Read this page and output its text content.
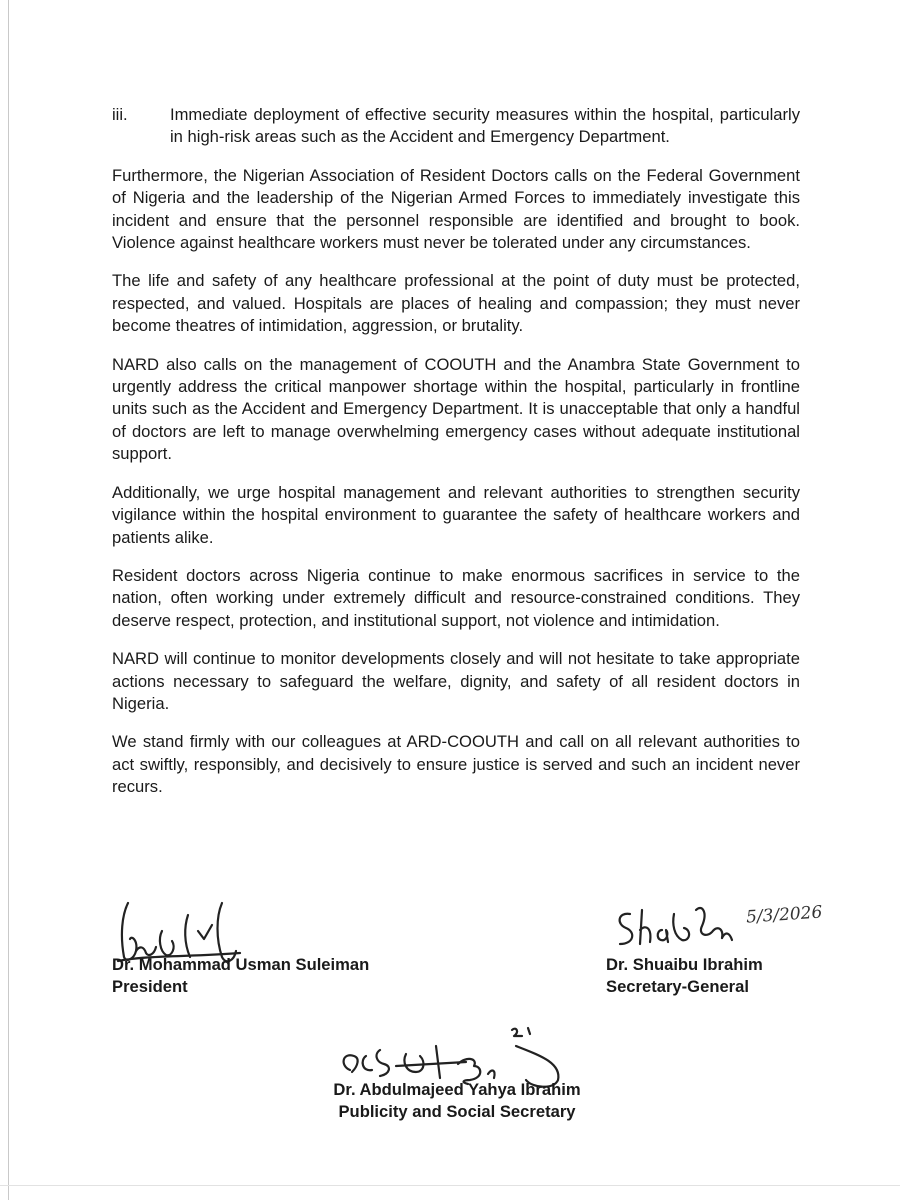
iii.	Immediate deployment of effective security measures within the hospital, particularly in high-risk areas such as the Accident and Emergency Department.

Furthermore, the Nigerian Association of Resident Doctors calls on the Federal Government of Nigeria and the leadership of the Nigerian Armed Forces to immediately investigate this incident and ensure that the personnel responsible are identified and brought to book. Violence against healthcare workers must never be tolerated under any circumstances.

The life and safety of any healthcare professional at the point of duty must be protected, respected, and valued. Hospitals are places of healing and compassion; they must never become theatres of intimidation, aggression, or brutality.

NARD also calls on the management of COOUTH and the Anambra State Government to urgently address the critical manpower shortage within the hospital, particularly in frontline units such as the Accident and Emergency Department. It is unacceptable that only a handful of doctors are left to manage overwhelming emergency cases without adequate institutional support.

Additionally, we urge hospital management and relevant authorities to strengthen security vigilance within the hospital environment to guarantee the safety of healthcare workers and patients alike.

Resident doctors across Nigeria continue to make enormous sacrifices in service to the nation, often working under extremely difficult and resource-constrained conditions. They deserve respect, protection, and institutional support, not violence and intimidation.

NARD will continue to monitor developments closely and will not hesitate to take appropriate actions necessary to safeguard the welfare, dignity, and safety of all resident doctors in Nigeria.

We stand firmly with our colleagues at ARD-COOUTH and call on all relevant authorities to act swiftly, responsibly, and decisively to ensure justice is served and such an incident never recurs.

Dr. Mohammad Usman Suleiman
President
5/3/2026
Dr. Shuaibu Ibrahim
Secretary-General
Dr. Abdulmajeed Yahya Ibrahim
Publicity and Social Secretary
